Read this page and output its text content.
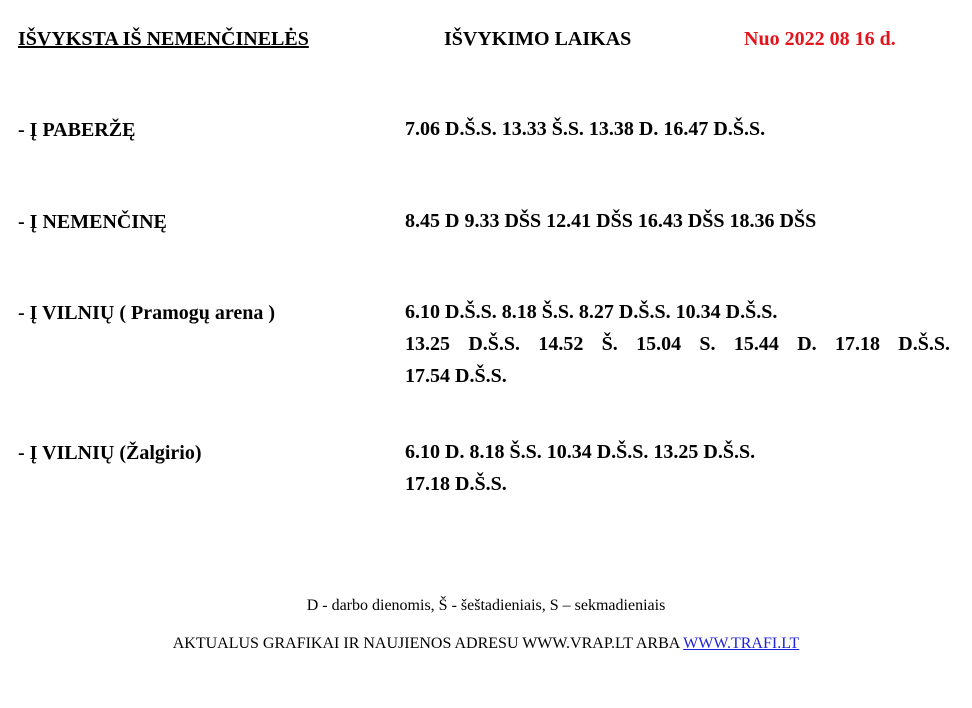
IŠVYKSTA IŠ NEMENČINELĖS	IŠVYKIMO LAIKAS	Nuo 2022 08 16 d.
- Į PABERŽĘ	7.06 D.Š.S. 13.33 Š.S. 13.38 D. 16.47 D.Š.S.
- Į NEMENČINĘ	8.45 D 9.33 DŠS 12.41 DŠS 16.43 DŠS 18.36 DŠS
- Į VILNIŲ ( Pramogų arena )	6.10 D.Š.S. 8.18 Š.S. 8.27 D.Š.S. 10.34 D.Š.S.
13.25 D.Š.S. 14.52 Š. 15.04 S. 15.44 D. 17.18 D.Š.S.
17.54 D.Š.S.
- Į VILNIŲ (Žalgirio)	6.10 D. 8.18 Š.S. 10.34 D.Š.S. 13.25 D.Š.S.
17.18 D.Š.S.
D - darbo dienomis, Š - šeštadieniais, S – sekmadieniais
AKTUALUS GRAFIKAI IR NAUJIENOS ADRESU WWW.VRAP.LT ARBA WWW.TRAFI.LT
